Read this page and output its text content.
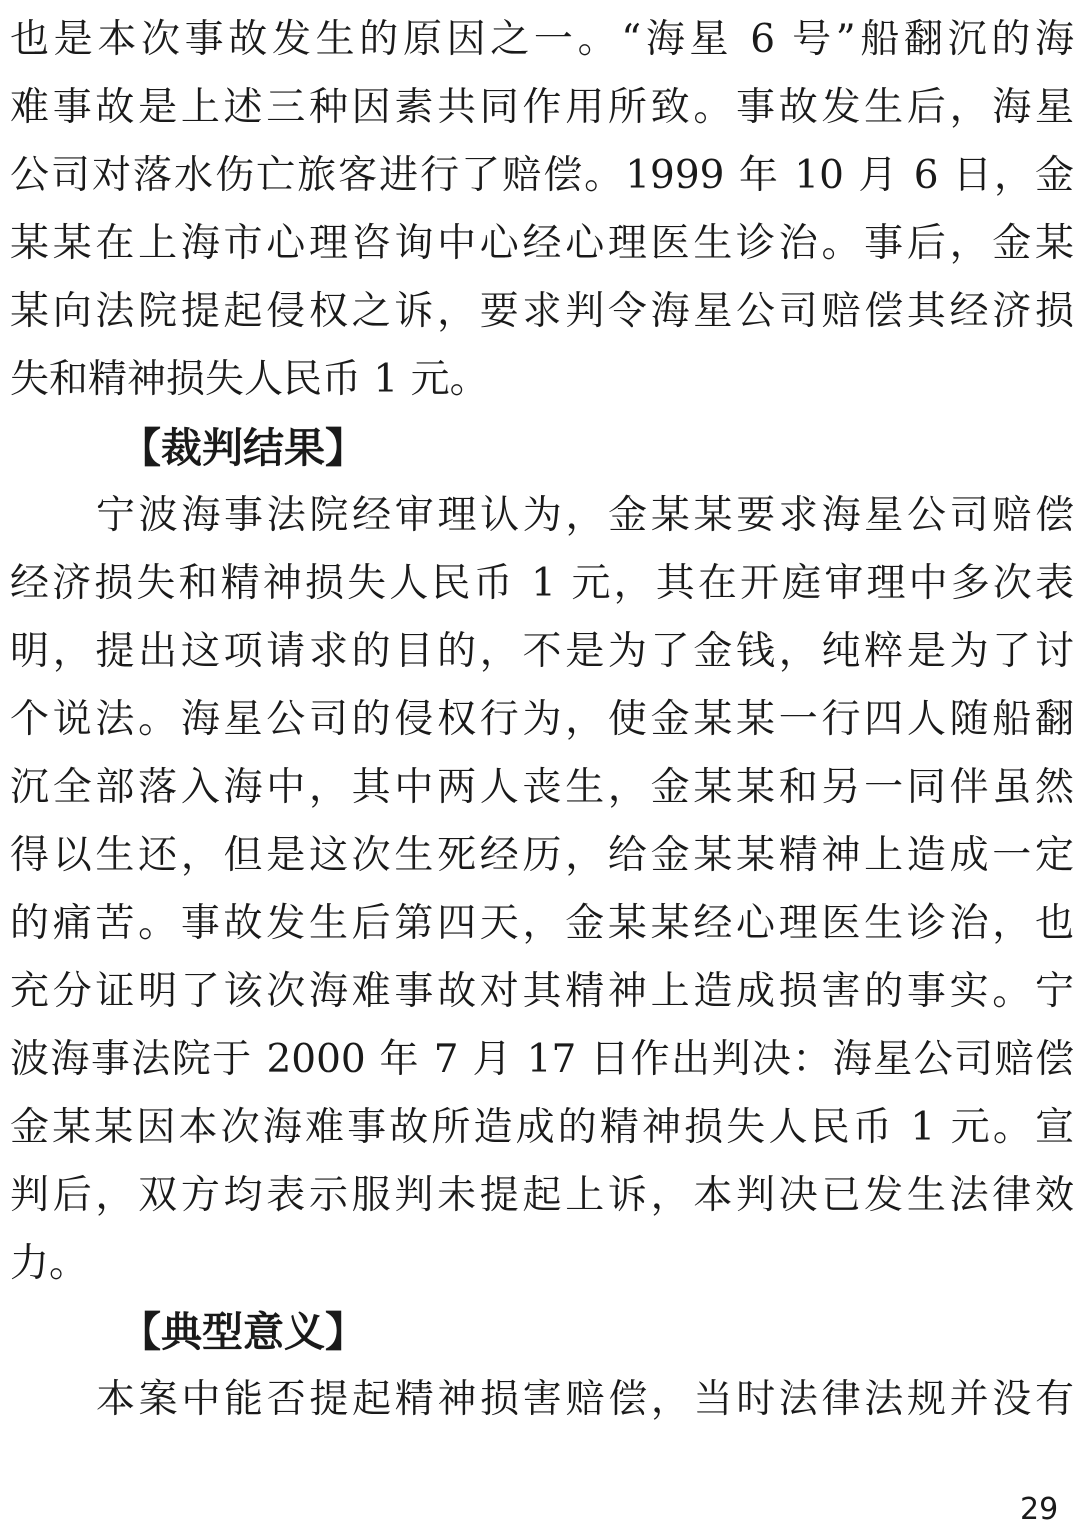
也是本次事故发生的原因之一。“海星 6 号”船翻沉的海
难事故是上述三种因素共同作用所致。事故发生后，海星
公司对落水伤亡旅客进行了赔偿。1999 年 10 月 6 日，金
某某在上海市心理咨询中心经心理医生诊治。事后，金某
某向法院提起侵权之诉，要求判令海星公司赔偿其经济损
失和精神损失人民币 1 元。
【裁判结果】
宁波海事法院经审理认为，金某某要求海星公司赔偿
经济损失和精神损失人民币 1 元，其在开庭审理中多次表
明，提出这项请求的目的，不是为了金钱，纯粹是为了讨
个说法。海星公司的侵权行为，使金某某一行四人随船翻
沉全部落入海中，其中两人丧生，金某某和另一同伴虽然
得以生还，但是这次生死经历，给金某某精神上造成一定
的痛苦。事故发生后第四天，金某某经心理医生诊治，也
充分证明了该次海难事故对其精神上造成损害的事实。宁
波海事法院于 2000 年 7 月 17 日作出判决：海星公司赔偿
金某某因本次海难事故所造成的精神损失人民币 1 元。宣
判后，双方均表示服判未提起上诉，本判决已发生法律效
力。
【典型意义】
本案中能否提起精神损害赔偿，当时法律法规并没有
29
